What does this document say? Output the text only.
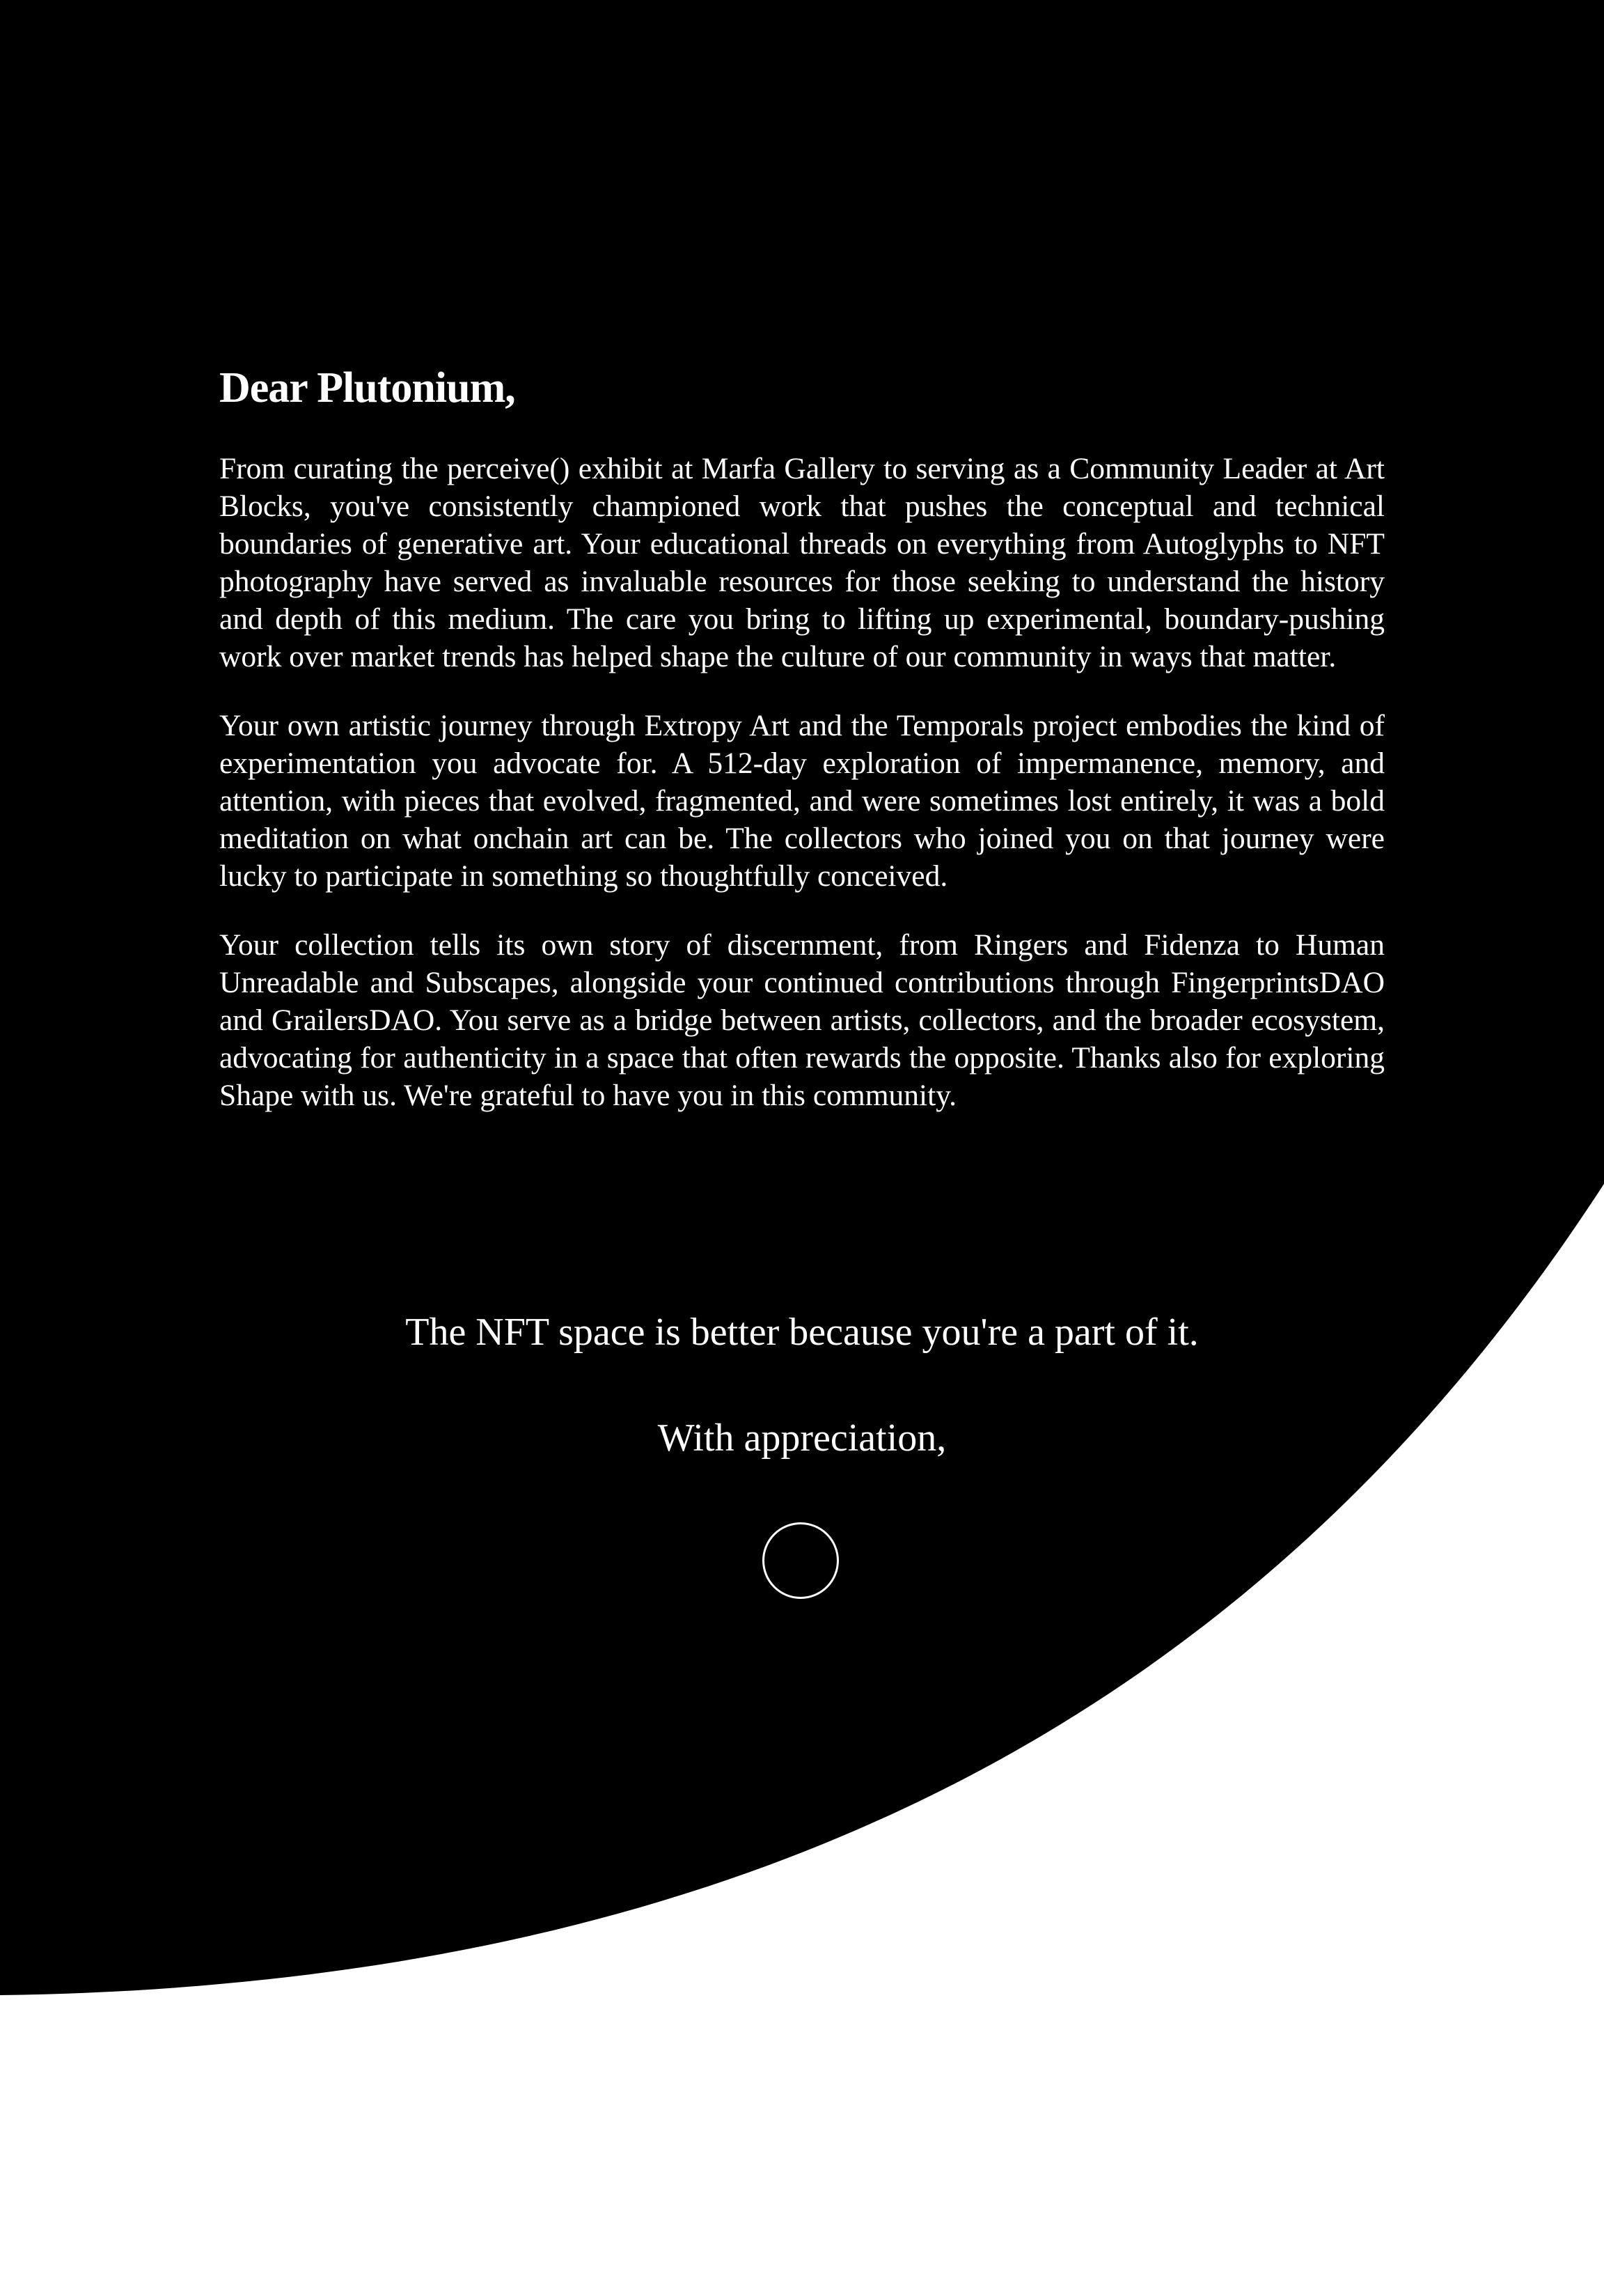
Dear Plutonium,

From curating the perceive() exhibit at Marfa Gallery to serving as a Community Leader at Art Blocks, you've consistently championed work that pushes the conceptual and technical boundaries of generative art. Your educational threads on everything from Autoglyphs to NFT photography have served as invaluable resources for those seeking to understand the history and depth of this medium. The care you bring to lifting up experimental, boundary-pushing work over market trends has helped shape the culture of our community in ways that matter.

Your own artistic journey through Extropy Art and the Temporals project embodies the kind of experimentation you advocate for. A 512-day exploration of impermanence, memory, and attention, with pieces that evolved, fragmented, and were sometimes lost entirely, it was a bold meditation on what onchain art can be. The collectors who joined you on that journey were lucky to participate in something so thoughtfully conceived.

Your collection tells its own story of discernment, from Ringers and Fidenza to Human Unreadable and Subscapes, alongside your continued contributions through FingerprintsDAO and GrailersDAO. You serve as a bridge between artists, collectors, and the broader ecosystem, advocating for authenticity in a space that often rewards the opposite. Thanks also for exploring Shape with us. We're grateful to have you in this community.

The NFT space is better because you're a part of it.
With appreciation,
